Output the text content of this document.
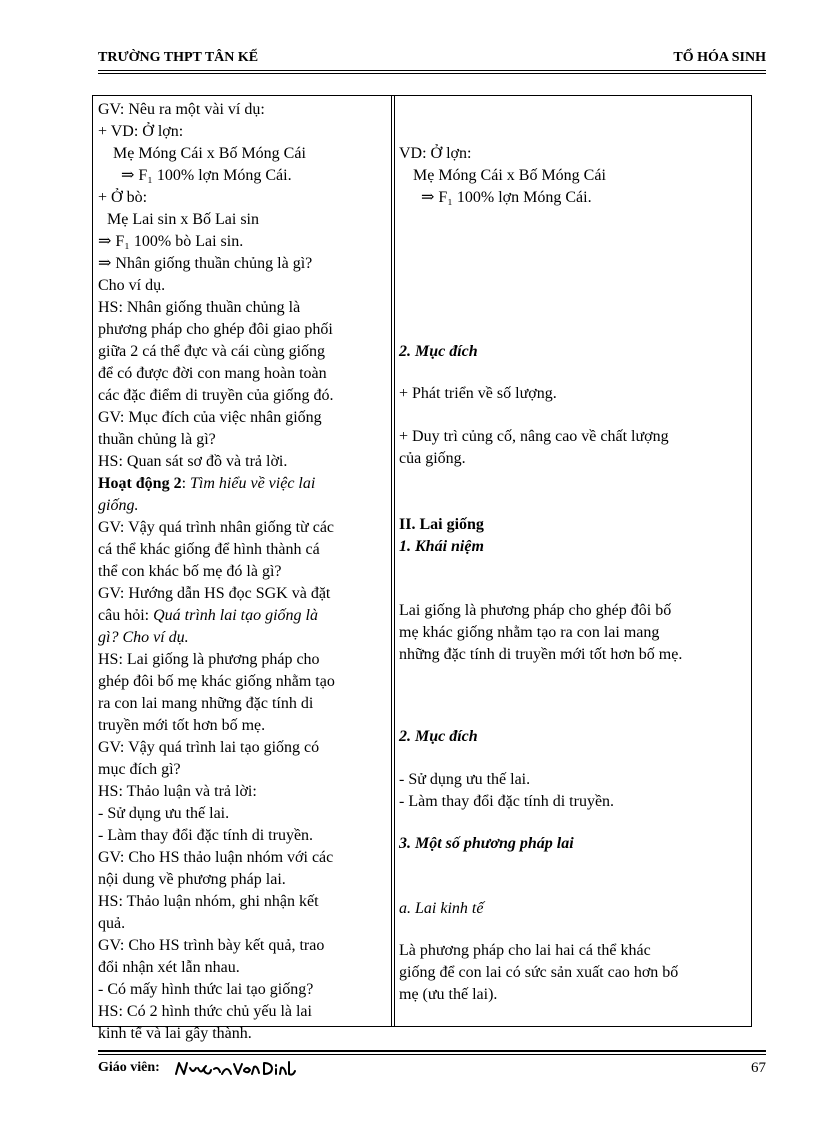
TRƯỜNG THPT TÂN KẾ	TỔ HÓA SINH
GV: Nêu ra một vài ví dụ:
+ VD: Ở lợn:
Mẹ Móng Cái x Bố Móng Cái
⇒ F₁ 100% lợn Móng Cái.
+ Ở bò:
Mẹ Lai sin x Bố Lai sin
⇒ F₁ 100% bò Lai sin.
⇒ Nhân giống thuần chủng là gì?
Cho ví dụ.
HS: Nhân giống thuần chủng là
phương pháp cho ghép đôi giao phối
giữa 2 cá thể đực và cái cùng giống
để có được đời con mang hoàn toàn
các đặc điểm di truyền của giống đó.
GV: Mục đích của việc nhân giống
thuần chủng là gì?
HS: Quan sát sơ đồ và trả lời.
Hoạt động 2: Tìm hiểu về việc lai
giống.
GV: Vậy quá trình nhân giống từ các
cá thể khác giống để hình thành cá
thể con khác bố mẹ đó là gì?
GV: Hướng dẫn HS đọc SGK và đặt
câu hỏi: Quá trình lai tạo giống là
gì? Cho ví dụ.
HS: Lai giống là phương pháp cho
ghép đôi bố mẹ khác giống nhằm tạo
ra con lai mang những đặc tính di
truyền mới tốt hơn bố mẹ.
GV: Vậy quá trình lai tạo giống có
mục đích gì?
HS: Thảo luận và trả lời:
- Sử dụng ưu thế lai.
- Làm thay đổi đặc tính di truyền.
GV: Cho HS thảo luận nhóm với các
nội dung về phương pháp lai.
HS: Thảo luận nhóm, ghi nhận kết
quả.
GV: Cho HS trình bày kết quả, trao
đổi nhận xét lẫn nhau.
- Có mấy hình thức lai tạo giống?
HS: Có 2 hình thức chủ yếu là lai
kinh tế và lai gây thành.
VD: Ở lợn:
Mẹ Móng Cái x Bố Móng Cái
⇒ F₁ 100% lợn Móng Cái.
2. Mục đích
+ Phát triển về số lượng.
+ Duy trì củng cố, nâng cao về chất lượng
của giống.
II. Lai giống
1. Khái niệm
Lai giống là phương pháp cho ghép đôi bố
mẹ khác giống nhằm tạo ra con lai mang
những đặc tính di truyền mới tốt hơn bố mẹ.
2. Mục đích
- Sử dụng ưu thế lai.
- Làm thay đổi đặc tính di truyền.
3. Một số phương pháp lai
a. Lai kinh tế
Là phương pháp cho lai hai cá thể khác
giống để con lai có sức sản xuất cao hơn bố
mẹ (ưu thế lai).
Giáo viên:	67
